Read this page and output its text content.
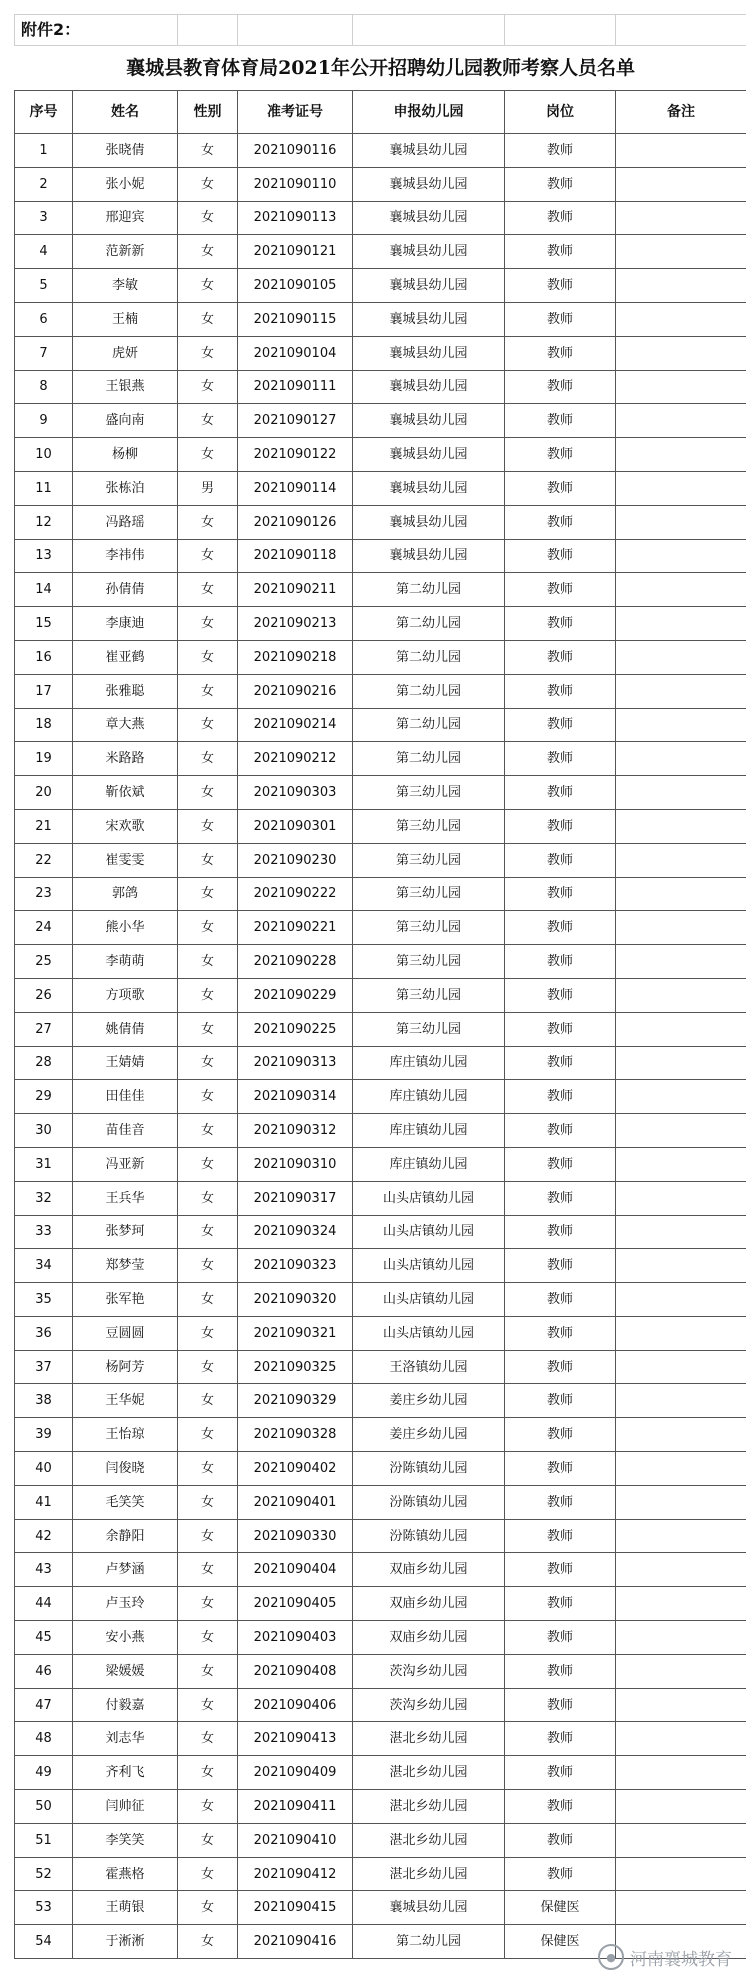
附件2：						
襄城县教育体育局2021年公开招聘幼儿园教师考察人员名单						
序号	姓名	性别	准考证号	申报幼儿园	岗位	备注
1	张晓倩	女	2021090116	襄城县幼儿园	教师	
2	张小妮	女	2021090110	襄城县幼儿园	教师	
3	邢迎宾	女	2021090113	襄城县幼儿园	教师	
4	范新新	女	2021090121	襄城县幼儿园	教师	
5	李敏	女	2021090105	襄城县幼儿园	教师	
6	王楠	女	2021090115	襄城县幼儿园	教师	
7	虎妍	女	2021090104	襄城县幼儿园	教师	
8	王银燕	女	2021090111	襄城县幼儿园	教师	
9	盛向南	女	2021090127	襄城县幼儿园	教师	
10	杨柳	女	2021090122	襄城县幼儿园	教师	
11	张栋泊	男	2021090114	襄城县幼儿园	教师	
12	冯路瑶	女	2021090126	襄城县幼儿园	教师	
13	李祎伟	女	2021090118	襄城县幼儿园	教师	
14	孙倩倩	女	2021090211	第二幼儿园	教师	
15	李康迪	女	2021090213	第二幼儿园	教师	
16	崔亚鹤	女	2021090218	第二幼儿园	教师	
17	张雅聪	女	2021090216	第二幼儿园	教师	
18	章大燕	女	2021090214	第二幼儿园	教师	
19	米路路	女	2021090212	第二幼儿园	教师	
20	靳依斌	女	2021090303	第三幼儿园	教师	
21	宋欢歌	女	2021090301	第三幼儿园	教师	
22	崔雯雯	女	2021090230	第三幼儿园	教师	
23	郭鸽	女	2021090222	第三幼儿园	教师	
24	熊小华	女	2021090221	第三幼儿园	教师	
25	李萌萌	女	2021090228	第三幼儿园	教师	
26	方项歌	女	2021090229	第三幼儿园	教师	
27	姚倩倩	女	2021090225	第三幼儿园	教师	
28	王婧婧	女	2021090313	库庄镇幼儿园	教师	
29	田佳佳	女	2021090314	库庄镇幼儿园	教师	
30	苗佳音	女	2021090312	库庄镇幼儿园	教师	
31	冯亚新	女	2021090310	库庄镇幼儿园	教师	
32	王兵华	女	2021090317	山头店镇幼儿园	教师	
33	张梦珂	女	2021090324	山头店镇幼儿园	教师	
34	郑梦莹	女	2021090323	山头店镇幼儿园	教师	
35	张军艳	女	2021090320	山头店镇幼儿园	教师	
36	豆圆圆	女	2021090321	山头店镇幼儿园	教师	
37	杨阿芳	女	2021090325	王洛镇幼儿园	教师	
38	王华妮	女	2021090329	姜庄乡幼儿园	教师	
39	王怡琼	女	2021090328	姜庄乡幼儿园	教师	
40	闫俊晓	女	2021090402	汾陈镇幼儿园	教师	
41	毛笑笑	女	2021090401	汾陈镇幼儿园	教师	
42	余静阳	女	2021090330	汾陈镇幼儿园	教师	
43	卢梦涵	女	2021090404	双庙乡幼儿园	教师	
44	卢玉玲	女	2021090405	双庙乡幼儿园	教师	
45	安小燕	女	2021090403	双庙乡幼儿园	教师	
46	梁媛媛	女	2021090408	茨沟乡幼儿园	教师	
47	付毅嘉	女	2021090406	茨沟乡幼儿园	教师	
48	刘志华	女	2021090413	湛北乡幼儿园	教师	
49	齐利飞	女	2021090409	湛北乡幼儿园	教师	
50	闫帅征	女	2021090411	湛北乡幼儿园	教师	
51	李笑笑	女	2021090410	湛北乡幼儿园	教师	
52	霍燕格	女	2021090412	湛北乡幼儿园	教师	
53	王萌银	女	2021090415	襄城县幼儿园	保健医	
54	于淅淅	女	2021090416	第二幼儿园	保健医	
● 河南襄城教育
